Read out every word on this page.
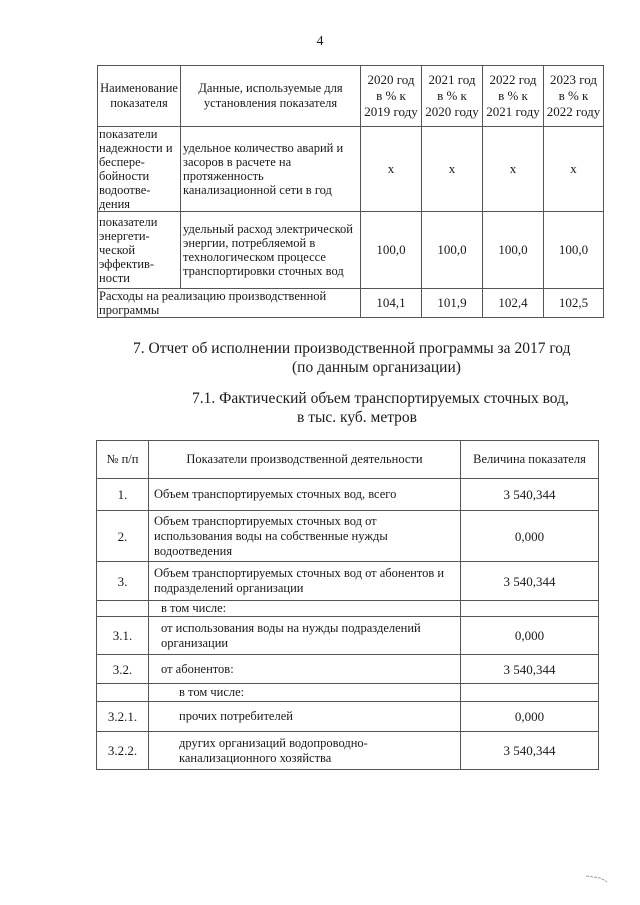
4
Наименование показателя	Данные, используемые для установления показателя	2020 год в % к 2019 году	2021 год в % к 2020 году	2022 год в % к 2021 году	2023 год в % к 2022 году
показатели надежности и беспере-бойности водоотве-дения	удельное количество аварий и засоров в расчете на протяженность канализационной сети в год	х	х	х	х
показатели энергети-ческой эффектив-ности	удельный расход электрической энергии, потребляемой в технологическом процессе транспортировки сточных вод	100,0	100,0	100,0	100,0
Расходы на реализацию производственной программы		104,1	101,9	102,4	102,5
7. Отчет об исполнении производственной программы за 2017 год
(по данным организации)
7.1. Фактический объем транспортируемых сточных вод,
в тыс. куб. метров
№ п/п	Показатели производственной деятельности	Величина показателя
1.	Объем транспортируемых сточных вод, всего	3 540,344
2.	Объем транспортируемых сточных вод от использования воды на собственные нужды водоотведения	0,000
3.	Объем транспортируемых сточных вод от абонентов и подразделений организации	3 540,344
	в том числе:	
3.1.	от использования воды на нужды подразделений организации	0,000
3.2.	от абонентов:	3 540,344
	в том числе:	
3.2.1.	прочих потребителей	0,000
3.2.2.	других организаций водопроводно-канализационного хозяйства	3 540,344
